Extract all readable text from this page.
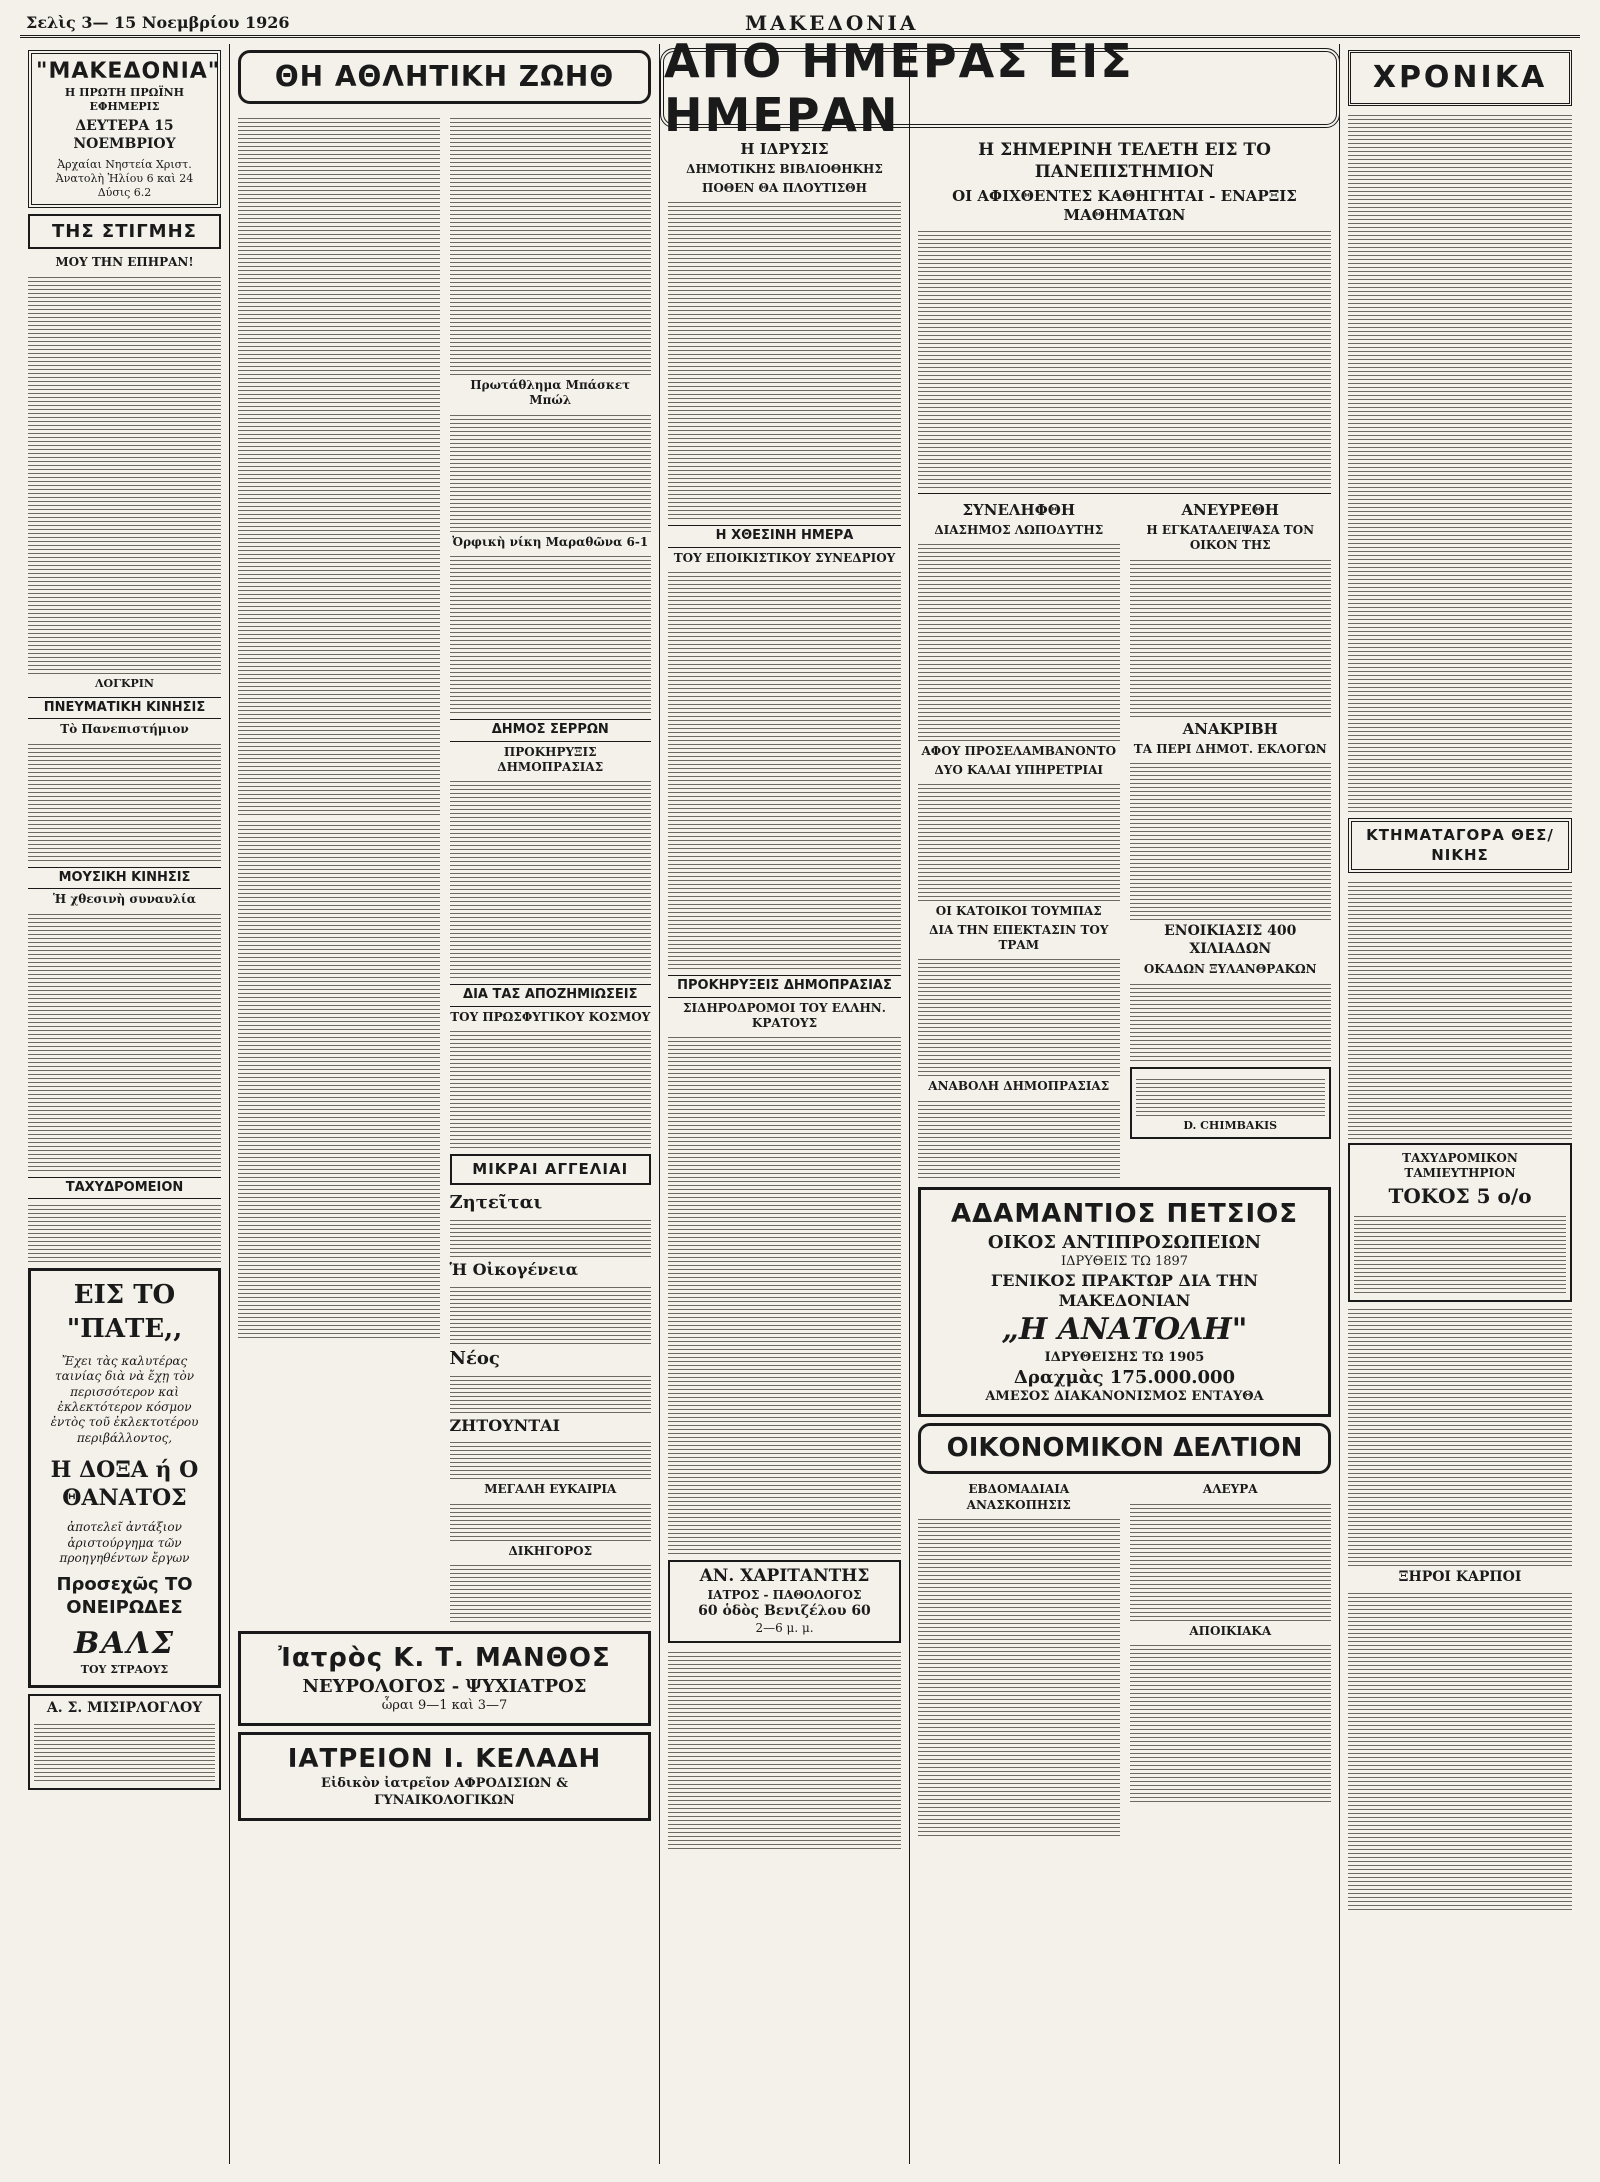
Σελὶς 3— 15 Νοεμβρίου 1926	ΜΑΚΕΔΟΝΙΑ
"ΜΑΚΕΔΟΝΙΑ"
Η ΠΡΩΤΗ ΠΡΩΪΝΗ ΕΦΗΜΕΡΙΣ
ΔΕΥΤΕΡΑ 15 ΝΟΕΜΒΡΙΟΥ
Ἀρχαίαι Νηστεία Χριστ.
Ἀνατολὴ Ἡλίου 6 καὶ 24
Δύσις 6.2
ΤΗΣ ΣΤΙΓΜΗΣ
ΜΟΥ ΤΗΝ ΕΠΗΡΑΝ!
ΛΟΓΚΡΙΝ
ΠΝΕΥΜΑΤΙΚΗ ΚΙΝΗΣΙΣ
Τὸ Πανεπιστήμιον
ΜΟΥΣΙΚΗ ΚΙΝΗΣΙΣ
Ἡ χθεσινὴ συναυλία
ΤΑΧΥΔΡΟΜΕΙΟΝ
ΕΙΣ ΤΟ "ΠΑΤΕ,,
Ἔχει τὰς καλυτέρας ταινίας διὰ νὰ ἔχῃ τὸν περισσότερον καὶ ἐκλεκτότερον κόσμον ἐντὸς τοῦ ἐκλεκτοτέρου περιβάλλοντος,
Η ΔΟΞΑ ή Ο ΘΑΝΑΤΟΣ
ἀποτελεῖ ἀντάξιον ἀριστούργημα τῶν προηγηθέντων ἔργων
Προσεχῶς ΤΟ ΟΝΕΙΡΩΔΕΣ
ΒΑΛΣ
ΤΟΥ ΣΤΡΑΟΥΣ
Α. Σ. ΜΙΣΙΡΛΟΓΛΟΥ
ΘΗ ΑΘΛΗΤΙΚΗ ΖΩΗΘ
Πρωτάθλημα Μπάσκετ Μπώλ
Ὀρφικὴ νίκη Μαραθῶνα 6-1
ΔΗΜΟΣ ΣΕΡΡΩΝ
ΠΡΟΚΗΡΥΞΙΣ ΔΗΜΟΠΡΑΣΙΑΣ
ΔΙΑ ΤΑΣ ΑΠΟΖΗΜΙΩΣΕΙΣ
ΤΟΥ ΠΡΩΣΦΥΓΙΚΟΥ ΚΟΣΜΟΥ
ΜΙΚΡΑΙ ΑΓΓΕΛΙΑΙ
Ζητεῖται
Ἡ Οἰκογένεια
Νέος
ΖΗΤΟΥΝΤΑΙ
ΜΕΓΑΛΗ ΕΥΚΑΙΡΙΑ
ΔΙΚΗΓΟΡΟΣ
Ἰατρὸς Κ. Τ. ΜΑΝΘΟΣ
ΝΕΥΡΟΛΟΓΟΣ - ΨΥΧΙΑΤΡΟΣ
ὧραι 9—1 καὶ 3—7
ΙΑΤΡΕΙΟΝ Ι. ΚΕΛΑΔΗ
Εἰδικὸν ἰατρεῖον ΑΦΡΟΔΙΣΙΩΝ & ΓΥΝΑΙΚΟΛΟΓΙΚΩΝ
ΑΠΟ ΗΜΕΡΑΣ ΕΙΣ ΗΜΕΡΑΝ
Η ΙΔΡΥΣΙΣ
ΔΗΜΟΤΙΚΗΣ ΒΙΒΛΙΟΘΗΚΗΣ
ΠΟΘΕΝ ΘΑ ΠΛΟΥΤΙΣΘΗ
Η ΧΘΕΣΙΝΗ ΗΜΕΡΑ
ΤΟΥ ΕΠΟΙΚΙΣΤΙΚΟΥ ΣΥΝΕΔΡΙΟΥ
ΠΡΟΚΗΡΥΞΕΙΣ ΔΗΜΟΠΡΑΣΙΑΣ
ΣΙΔΗΡΟΔΡΟΜΟΙ ΤΟΥ ΕΛΛΗΝ. ΚΡΑΤΟΥΣ
ΑΝ. ΧΑΡΙΤΑΝΤΗΣ
ΙΑΤΡΟΣ - ΠΑΘΟΛΟΓΟΣ
60 ὁδὸς Βενιζέλου 60
2—6 μ. μ.
Η ΣΗΜΕΡΙΝΗ ΤΕΛΕΤΗ ΕΙΣ ΤΟ ΠΑΝΕΠΙΣΤΗΜΙΟΝ
ΟΙ ΑΦΙΧΘΕΝΤΕΣ ΚΑΘΗΓΗΤΑΙ - ΕΝΑΡΞΙΣ ΜΑΘΗΜΑΤΩΝ
ΣΥΝΕΛΗΦΘΗ
ΔΙΑΣΗΜΟΣ ΛΩΠΟΔΥΤΗΣ
ΑΦΟΥ ΠΡΟΣΕΛΑΜΒΑΝΟΝΤΟ
ΔΥΟ ΚΑΛΑΙ ΥΠΗΡΕΤΡΙΑΙ
ΟΙ ΚΑΤΟΙΚΟΙ ΤΟΥΜΠΑΣ
ΔΙΑ ΤΗΝ ΕΠΕΚΤΑΣΙΝ ΤΟΥ ΤΡΑΜ
ΑΝΑΒΟΛΗ ΔΗΜΟΠΡΑΣΙΑΣ
ΑΝΕΥΡΕΘΗ
Η ΕΓΚΑΤΑΛΕΙΨΑΣΑ ΤΟΝ ΟΙΚΟΝ ΤΗΣ
ΑΝΑΚΡΙΒΗ
ΤΑ ΠΕΡΙ ΔΗΜΟΤ. ΕΚΛΟΓΩΝ
ΕΝΟΙΚΙΑΣΙΣ 400 ΧΙΛΙΑΔΩΝ
ΟΚΑΔΩΝ ΞΥΛΑΝΘΡΑΚΩΝ
D. CHIMBAKIS
ΑΔΑΜΑΝΤΙΟΣ ΠΕΤΣΙΟΣ
ΟΙΚΟΣ ΑΝΤΙΠΡΟΣΩΠΕΙΩΝ
ΙΔΡΥΘΕΙΣ ΤΩ 1897
ΓΕΝΙΚΟΣ ΠΡΑΚΤΩΡ ΔΙΑ ΤΗΝ ΜΑΚΕΔΟΝΙΑΝ
„Η ΑΝΑΤΟΛΗ"
ΙΔΡΥΘΕΙΣΗΣ ΤΩ 1905
Δραχμὰς 175.000.000
ΑΜΕΣΟΣ ΔΙΑΚΑΝΟΝΙΣΜΟΣ ΕΝΤΑΥΘΑ
ΟΙΚΟΝΟΜΙΚΟΝ ΔΕΛΤΙΟΝ
ΕΒΔΟΜΑΔΙΑΙΑ ΑΝΑΣΚΟΠΗΣΙΣ
ΑΛΕΥΡΑ
ΑΠΟΙΚΙΑΚΑ
ΧΡΟΝΙΚΑ
ΚΤΗΜΑΤΑΓΟΡΑ ΘΕΣ/ΝΙΚΗΣ
ΤΑΧΥΔΡΟΜΙΚΟΝ ΤΑΜΙΕΥΤΗΡΙΟΝ
ΤΟΚΟΣ 5 ο/ο
ΞΗΡΟΙ ΚΑΡΠΟΙ
